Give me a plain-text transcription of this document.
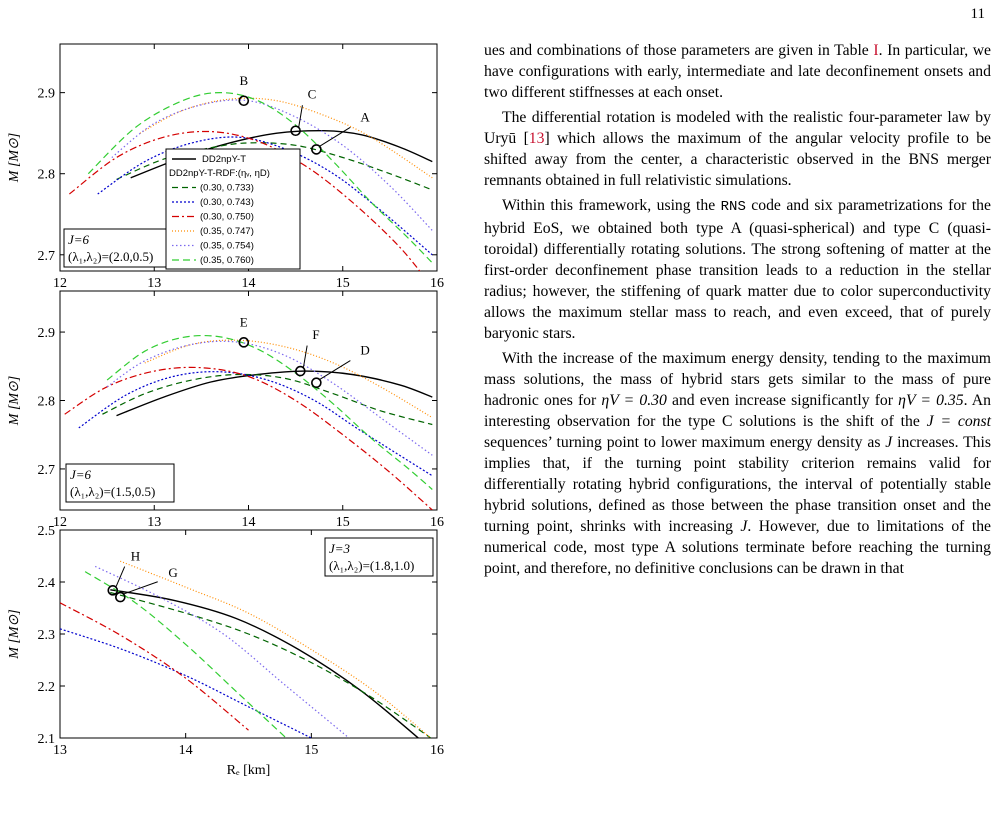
11
12	13	14	15	16
2.7
2.8
2.9
M [M⊙]
A
B
C
J=6
(λ₁,λ₂)=(2.0,0.5)
12	13	14	15	16
2.7
2.8
2.9
M [M⊙]
D
E
F
J=6
(λ₁,λ₂)=(1.5,0.5)
13	14	15	16
2.1
2.2
2.3
2.4
2.5
M [M⊙]
Rₑ [km]
H
G
J=3
(λ₁,λ₂)=(1.8,1.0)
DD2npY-T
DD2npY-T-RDF:(ηᵥ, ηD)
(0.30, 0.733)
(0.30, 0.743)
(0.30, 0.750)
(0.35, 0.747)
(0.35, 0.754)
(0.35, 0.760)

ues and combinations of those parameters are given in Table I. In particular, we have configurations with early, intermediate and late deconfinement onsets and two different stiffnesses at each onset.

The differential rotation is modeled with the realistic four-parameter law by Uryū [13] which allows the maximum of the angular velocity profile to be shifted away from the center, a characteristic observed in the BNS merger remnants obtained in full relativistic simulations.

Within this framework, using the RNS code and six parametrizations for the hybrid EoS, we obtained both type A (quasi-spherical) and type C (quasi-toroidal) differentially rotating solutions. The strong softening of matter at the first-order deconfinement phase transition leads to a reduction in the stellar radius; however, the stiffening of quark matter due to color superconductivity allows the maximum stellar mass to reach, and even exceed, that of purely baryonic stars.

With the increase of the maximum energy density, tending to the maximum mass solutions, the mass of hybrid stars gets similar to the mass of pure hadronic ones for ηV = 0.30 and even increase significantly for ηV = 0.35. An interesting observation for the type C solutions is the shift of the J = const sequences’ turning point to lower maximum energy density as J increases. This implies that, if the turning point stability criterion remains valid for differentially rotating hybrid configurations, the interval of potentially stable hybrid solutions, defined as those between the phase transition onset and the turning point, shrinks with increasing J. However, due to limitations of the numerical code, most type A solutions terminate before reaching the turning point, and therefore, no definitive conclusions can be drawn in that
